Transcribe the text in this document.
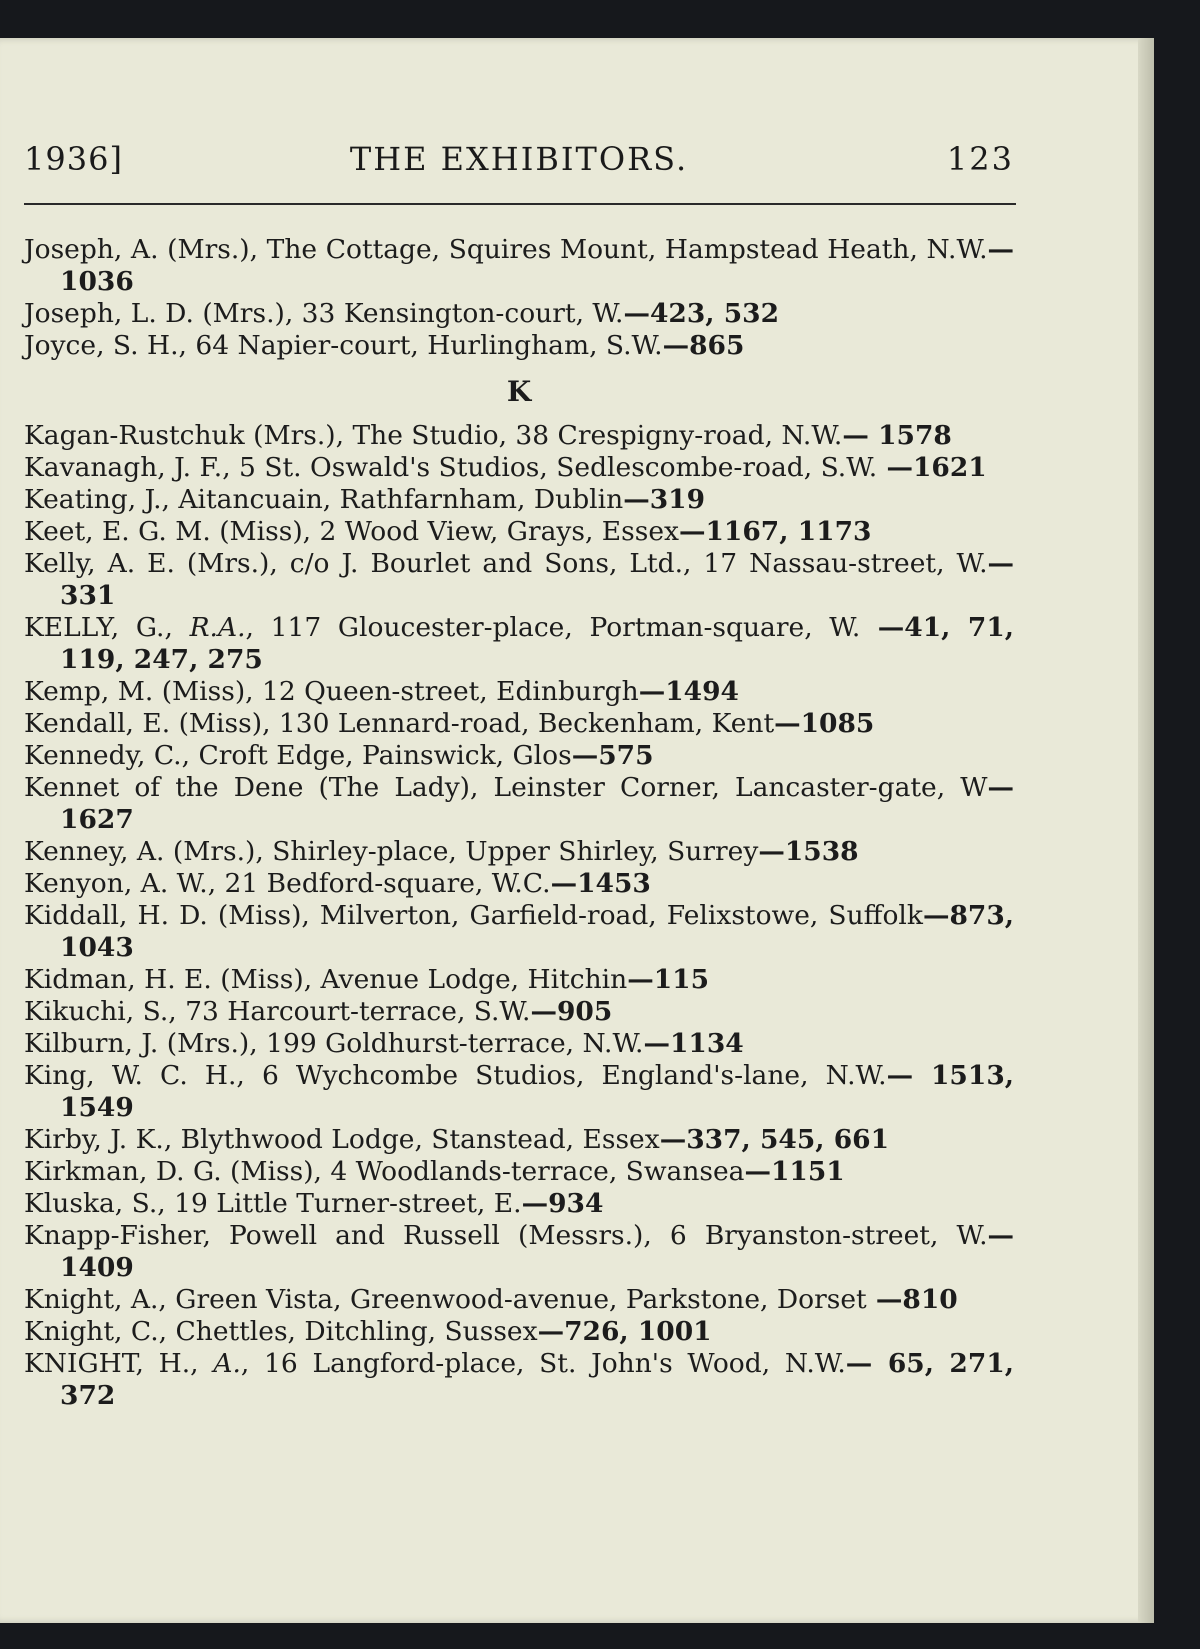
1936]	THE EXHIBITORS.	123

Joseph, A. (Mrs.), The Cottage, Squires Mount, Hampstead Heath, N.W.—1036

Joseph, L. D. (Mrs.), 33 Kensington-court, W.—423, 532

Joyce, S. H., 64 Napier-court, Hurlingham, S.W.—865

K

Kagan-Rustchuk (Mrs.), The Studio, 38 Crespigny-road, N.W.— 1578

Kavanagh, J. F., 5 St. Oswald's Studios, Sedlescombe-road, S.W. —1621

Keating, J., Aitancuain, Rathfarnham, Dublin—319

Keet, E. G. M. (Miss), 2 Wood View, Grays, Essex—1167, 1173

Kelly, A. E. (Mrs.), c/o J. Bourlet and Sons, Ltd., 17 Nassau-street, W.—331

KELLY, G., R.A., 117 Gloucester-place, Portman-square, W. —41, 71, 119, 247, 275

Kemp, M. (Miss), 12 Queen-street, Edinburgh—1494

Kendall, E. (Miss), 130 Lennard-road, Beckenham, Kent—1085

Kennedy, C., Croft Edge, Painswick, Glos—575

Kennet of the Dene (The Lady), Leinster Corner, Lancaster-gate, W—1627

Kenney, A. (Mrs.), Shirley-place, Upper Shirley, Surrey—1538

Kenyon, A. W., 21 Bedford-square, W.C.—1453

Kiddall, H. D. (Miss), Milverton, Garfield-road, Felixstowe, Suffolk—873, 1043

Kidman, H. E. (Miss), Avenue Lodge, Hitchin—115

Kikuchi, S., 73 Harcourt-terrace, S.W.—905

Kilburn, J. (Mrs.), 199 Goldhurst-terrace, N.W.—1134

King, W. C. H., 6 Wychcombe Studios, England's-lane, N.W.— 1513, 1549

Kirby, J. K., Blythwood Lodge, Stanstead, Essex—337, 545, 661

Kirkman, D. G. (Miss), 4 Woodlands-terrace, Swansea—1151

Kluska, S., 19 Little Turner-street, E.—934

Knapp-Fisher, Powell and Russell (Messrs.), 6 Bryanston-street, W.—1409

Knight, A., Green Vista, Greenwood-avenue, Parkstone, Dorset —810

Knight, C., Chettles, Ditchling, Sussex—726, 1001

KNIGHT, H., A., 16 Langford-place, St. John's Wood, N.W.— 65, 271, 372
